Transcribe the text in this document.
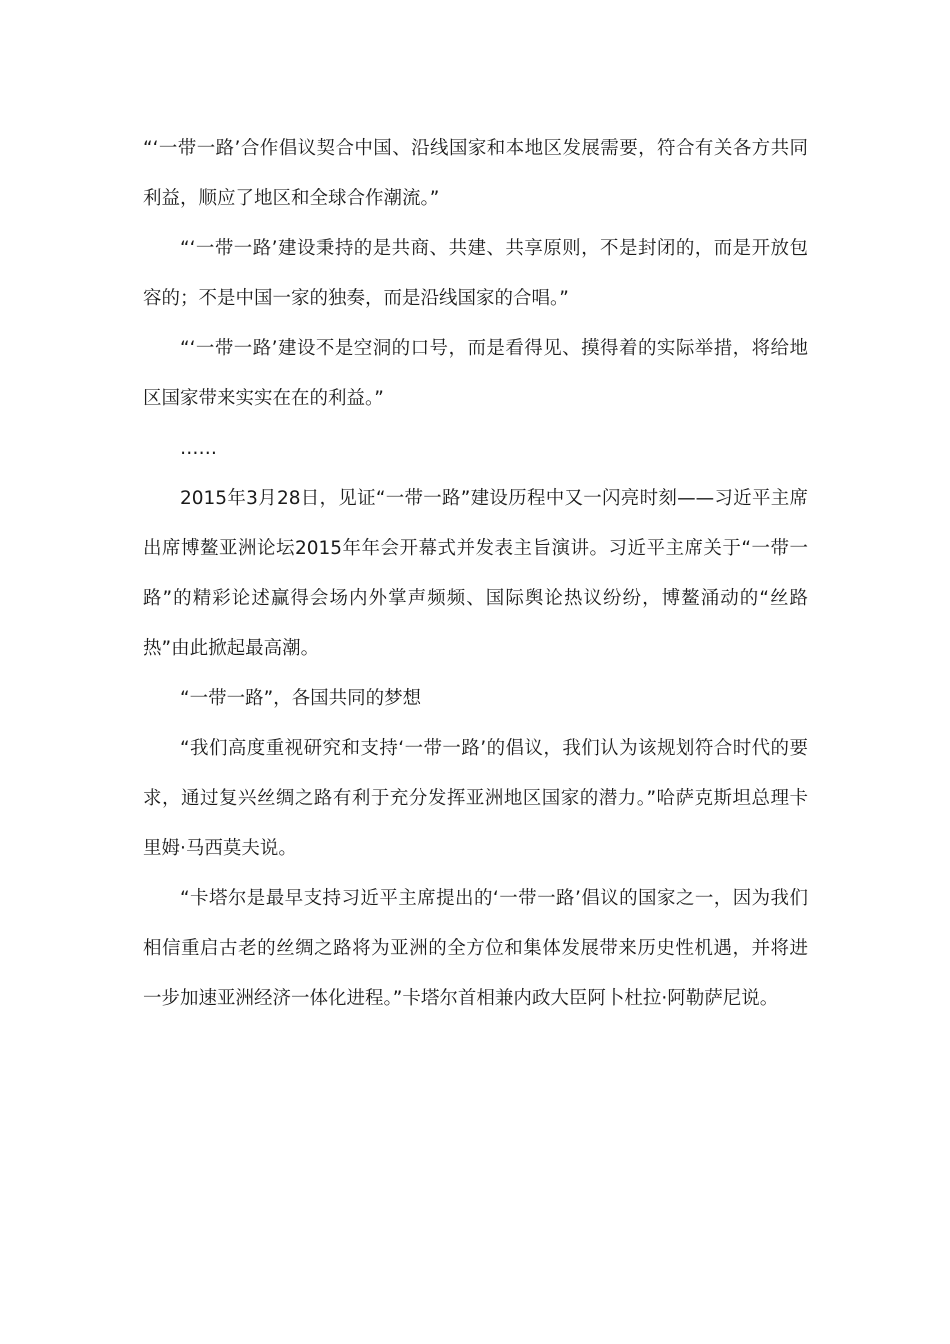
“‘一带一路’合作倡议契合中国、沿线国家和本地区发展需要，符合有关各方共同利益，顺应了地区和全球合作潮流。”

“‘一带一路’建设秉持的是共商、共建、共享原则，不是封闭的，而是开放包容的；不是中国一家的独奏，而是沿线国家的合唱。”

“‘一带一路’建设不是空洞的口号，而是看得见、摸得着的实际举措，将给地区国家带来实实在在的利益。”

……

2015年3月28日，见证“一带一路”建设历程中又一闪亮时刻——习近平主席出席博鳌亚洲论坛2015年年会开幕式并发表主旨演讲。习近平主席关于“一带一路”的精彩论述赢得会场内外掌声频频、国际舆论热议纷纷，博鳌涌动的“丝路热”由此掀起最高潮。

“一带一路”，各国共同的梦想

“我们高度重视研究和支持‘一带一路’的倡议，我们认为该规划符合时代的要求，通过复兴丝绸之路有利于充分发挥亚洲地区国家的潜力。”哈萨克斯坦总理卡里姆·马西莫夫说。

“卡塔尔是最早支持习近平主席提出的‘一带一路’倡议的国家之一，因为我们相信重启古老的丝绸之路将为亚洲的全方位和集体发展带来历史性机遇，并将进一步加速亚洲经济一体化进程。”卡塔尔首相兼内政大臣阿卜杜拉·阿勒萨尼说。
